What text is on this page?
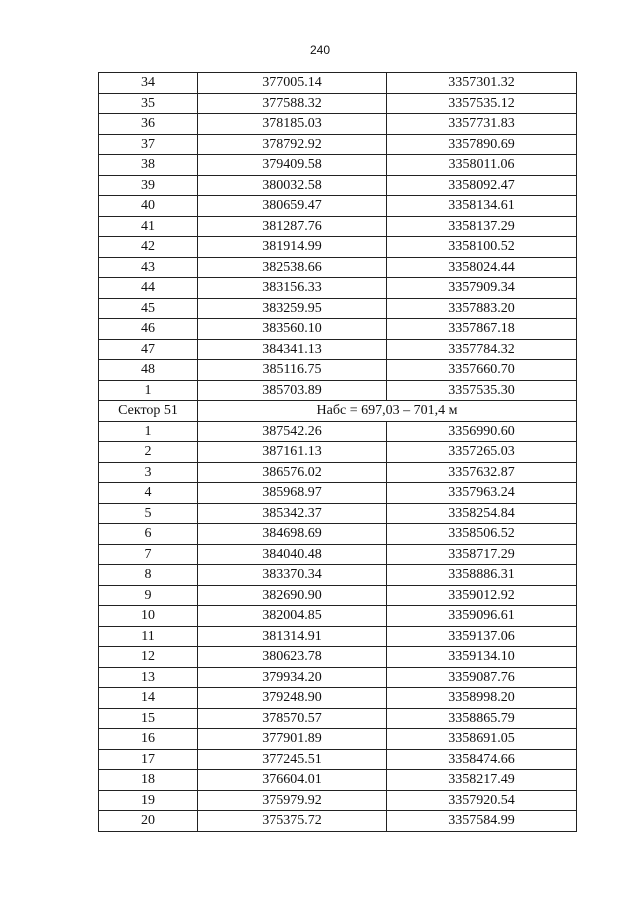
240
34	377005.14	3357301.32
35	377588.32	3357535.12
36	378185.03	3357731.83
37	378792.92	3357890.69
38	379409.58	3358011.06
39	380032.58	3358092.47
40	380659.47	3358134.61
41	381287.76	3358137.29
42	381914.99	3358100.52
43	382538.66	3358024.44
44	383156.33	3357909.34
45	383259.95	3357883.20
46	383560.10	3357867.18
47	384341.13	3357784.32
48	385116.75	3357660.70
1	385703.89	3357535.30
Сектор 51	Набс = 697,03 – 701,4 м	
1	387542.26	3356990.60
2	387161.13	3357265.03
3	386576.02	3357632.87
4	385968.97	3357963.24
5	385342.37	3358254.84
6	384698.69	3358506.52
7	384040.48	3358717.29
8	383370.34	3358886.31
9	382690.90	3359012.92
10	382004.85	3359096.61
11	381314.91	3359137.06
12	380623.78	3359134.10
13	379934.20	3359087.76
14	379248.90	3358998.20
15	378570.57	3358865.79
16	377901.89	3358691.05
17	377245.51	3358474.66
18	376604.01	3358217.49
19	375979.92	3357920.54
20	375375.72	3357584.99
